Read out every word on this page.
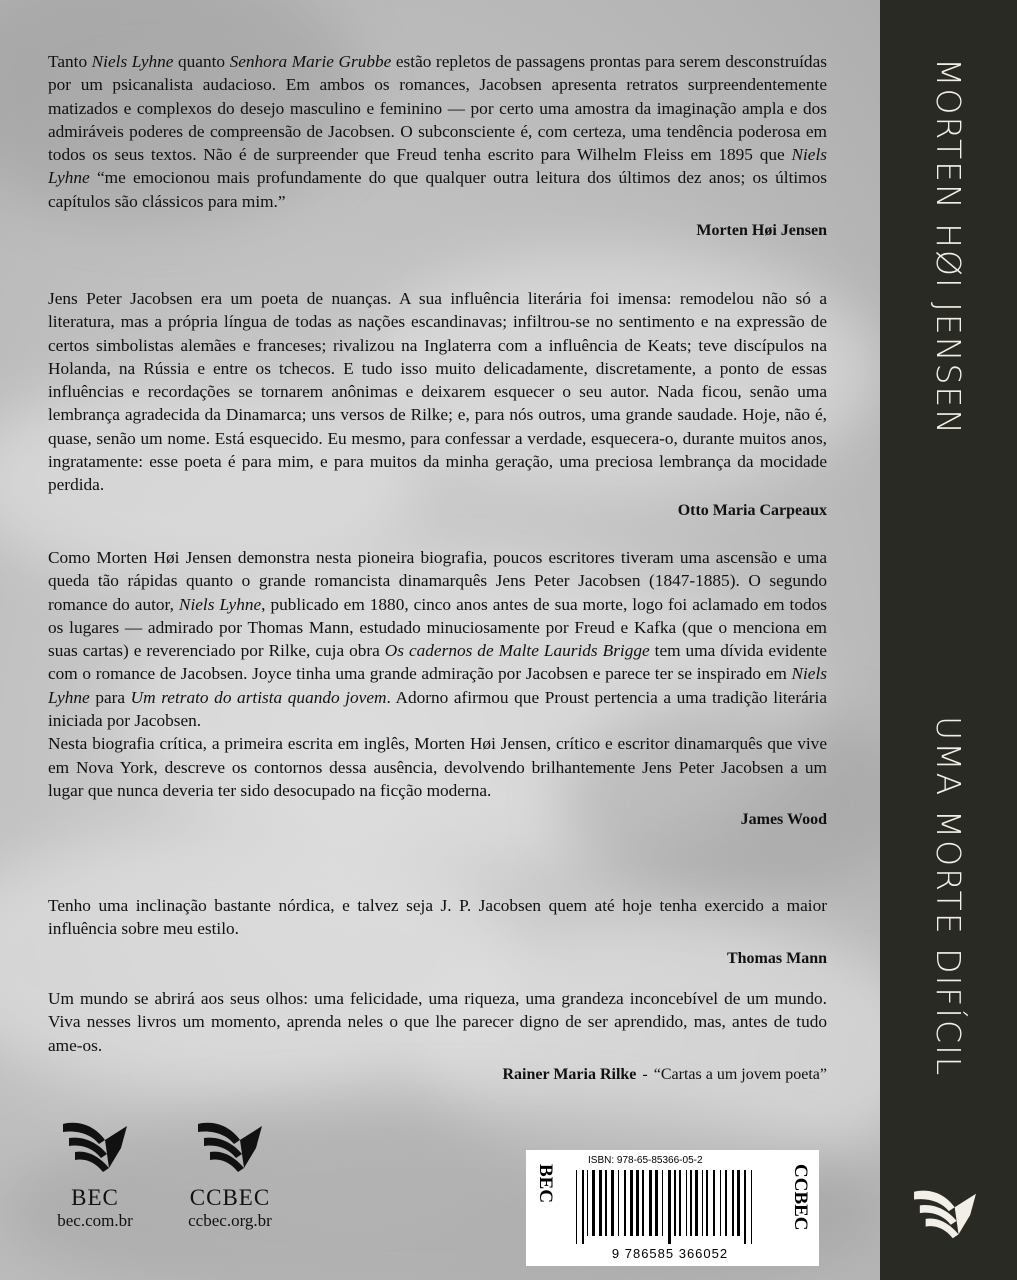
Tanto Niels Lyhne quanto Senhora Marie Grubbe estão repletos de passagens prontas para serem desconstruídas por um psicanalista audacioso. Em ambos os romances, Jacobsen apresenta retratos surpreendentemente matizados e complexos do desejo masculino e feminino — por certo uma amostra da imaginação ampla e dos admiráveis poderes de compreensão de Jacobsen. O subconsciente é, com certeza, uma tendência poderosa em todos os seus textos. Não é de surpreender que Freud tenha escrito para Wilhelm Fleiss em 1895 que Niels Lyhne “me emocionou mais profundamente do que qualquer outra leitura dos últimos dez anos; os últimos capítulos são clássicos para mim.”

Morten Høi Jensen

Jens Peter Jacobsen era um poeta de nuanças. A sua influência literária foi imensa: remodelou não só a literatura, mas a própria língua de todas as nações escandinavas; infiltrou-se no sentimento e na expressão de certos simbolistas alemães e franceses; rivalizou na Inglaterra com a influência de Keats; teve discípulos na Holanda, na Rússia e entre os tchecos. E tudo isso muito delicadamente, discretamente, a ponto de essas influências e recordações se tornarem anônimas e deixarem esquecer o seu autor. Nada ficou, senão uma lembrança agradecida da Dinamarca; uns versos de Rilke; e, para nós outros, uma grande saudade. Hoje, não é, quase, senão um nome. Está esquecido. Eu mesmo, para confessar a verdade, esquecera-o, durante muitos anos, ingratamente: esse poeta é para mim, e para muitos da minha geração, uma preciosa lembrança da mocidade perdida.

Otto Maria Carpeaux

Como Morten Høi Jensen demonstra nesta pioneira biografia, poucos escritores tiveram uma ascensão e uma queda tão rápidas quanto o grande romancista dinamarquês Jens Peter Jacobsen (1847-1885). O segundo romance do autor, Niels Lyhne, publicado em 1880, cinco anos antes de sua morte, logo foi aclamado em todos os lugares — admirado por Thomas Mann, estudado minuciosamente por Freud e Kafka (que o menciona em suas cartas) e reverenciado por Rilke, cuja obra Os cadernos de Malte Laurids Brigge tem uma dívida evidente com o romance de Jacobsen. Joyce tinha uma grande admiração por Jacobsen e parece ter se inspirado em Niels Lyhne para Um retrato do artista quando jovem. Adorno afirmou que Proust pertencia a uma tradição literária iniciada por Jacobsen.

Nesta biografia crítica, a primeira escrita em inglês, Morten Høi Jensen, crítico e escritor dinamarquês que vive em Nova York, descreve os contornos dessa ausência, devolvendo brilhantemente Jens Peter Jacobsen a um lugar que nunca deveria ter sido desocupado na ficção moderna.

James Wood

Tenho uma inclinação bastante nórdica, e talvez seja J. P. Jacobsen quem até hoje tenha exercido a maior influência sobre meu estilo.

Thomas Mann

Um mundo se abrirá aos seus olhos: uma felicidade, uma riqueza, uma grandeza inconcebível de um mundo. Viva nesses livros um momento, aprenda neles o que lhe parecer digno de ser aprendido, mas, antes de tudo ame-os.

Rainer Maria Rilke - “Cartas a um jovem poeta”
BEC
bec.com.br
CCBEC
ccbec.org.br
BEC
ISBN: 978-65-85366-05-2
9 786585 366052
CCBEC
MORTEN HØI JENSEN
UMA MORTE DIFÍCIL
